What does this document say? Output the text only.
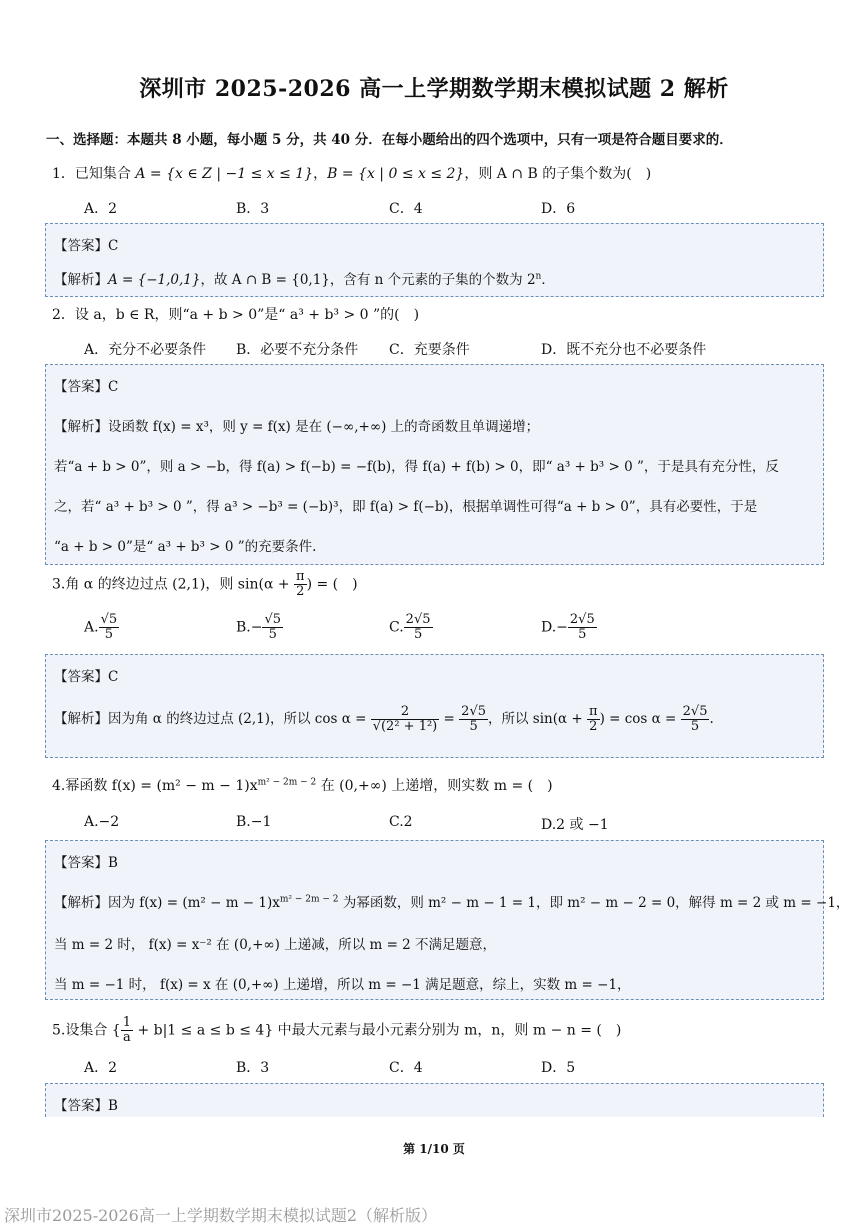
深圳市 2025-2026 高一上学期数学期末模拟试题 2 解析
一、选择题：本题共 8 小题，每小题 5 分，共 40 分．在每小题给出的四个选项中，只有一项是符合题目要求的．
1．已知集合 A = {x ∈ Z | −1 ≤ x ≤ 1}，B = {x | 0 ≤ x ≤ 2}，则 A ∩ B 的子集个数为(　)
A．2	B．3	C．4	D．6
【答案】C
【解析】A = {−1,0,1}，故 A ∩ B = {0,1}，含有 n 个元素的子集的个数为 2$^n$．
2．设 a，b ∈ R，则“a + b > 0”是“ a³ + b³ > 0 ”的(　)
A．充分不必要条件 B．必要不充分条件 C．充要条件	D．既不充分也不必要条件
【答案】C
【解析】设函数 f(x) = x³，则 y = f(x) 是在 (−∞,+∞) 上的奇函数且单调递增；
若“a + b > 0”，则 a > −b，得 f(a) > f(−b) = −f(b)，得 f(a) + f(b) > 0，即“ a³ + b³ > 0 ”，于是具有充分性，反
之，若“ a³ + b³ > 0 ”，得 a³ > −b³ = (−b)³，即 f(a) > f(−b)，根据单调性可得“a + b > 0”，具有必要性，于是
“a + b > 0”是“ a³ + b³ > 0 ”的充要条件.
3.角 α 的终边过点 (2,1)，则 $\sin(\alpha + \frac{\pi}{2}$ ) = (　)
A. $\frac{√5}{5}$	$B.- \frac{√5}{5}$	C. $\frac{2√5}{5}$	$D.- \frac{2√5}{5}$
【答案】C
【解析】因为角 α 的终边过点 (2,1)，所以 $\cos \alpha = \frac{2}{\text{√(2² + 1²)}} = \frac{2√5}{5}$ ，所以 $\sin(\alpha + \frac{\pi}{2}$ ) = $\cos \alpha = \frac{2√5}{5}$ .
4.幂函数 $f(x) = (m^2 - m - 1)x^{m^2 - 2m - 2}$ 在 (0,+∞) 上递增，则实数 m = (　)
A.−2	B.−1	C.2	D.2 或 −1
【答案】B
【解析】因为 $f(x) = (m^2 - m - 1)x^{m^2 - 2m - 2}$ 为幂函数，则 m² − m − 1 = 1，即 m² − m − 2 = 0，解得 m = 2 或 m = −1，
当 m = 2 时， f(x) = x⁻² 在 (0,+∞) 上递减，所以 m = 2 不满足题意，
当 m = −1 时， f(x) = x 在 (0,+∞) 上递增，所以 m = −1 满足题意，综上，实数 m = −1，
5.设集合 { $\frac{1}{a} + b|1 \le a \le b \le 4$} 中最大元素与最小元素分别为 m，n，则 m − n = (　)
A．2	B．3	C．4	D．5
【答案】B
第 1/10 页
深圳市2025-2026高一上学期数学期末模拟试题2（解析版）
